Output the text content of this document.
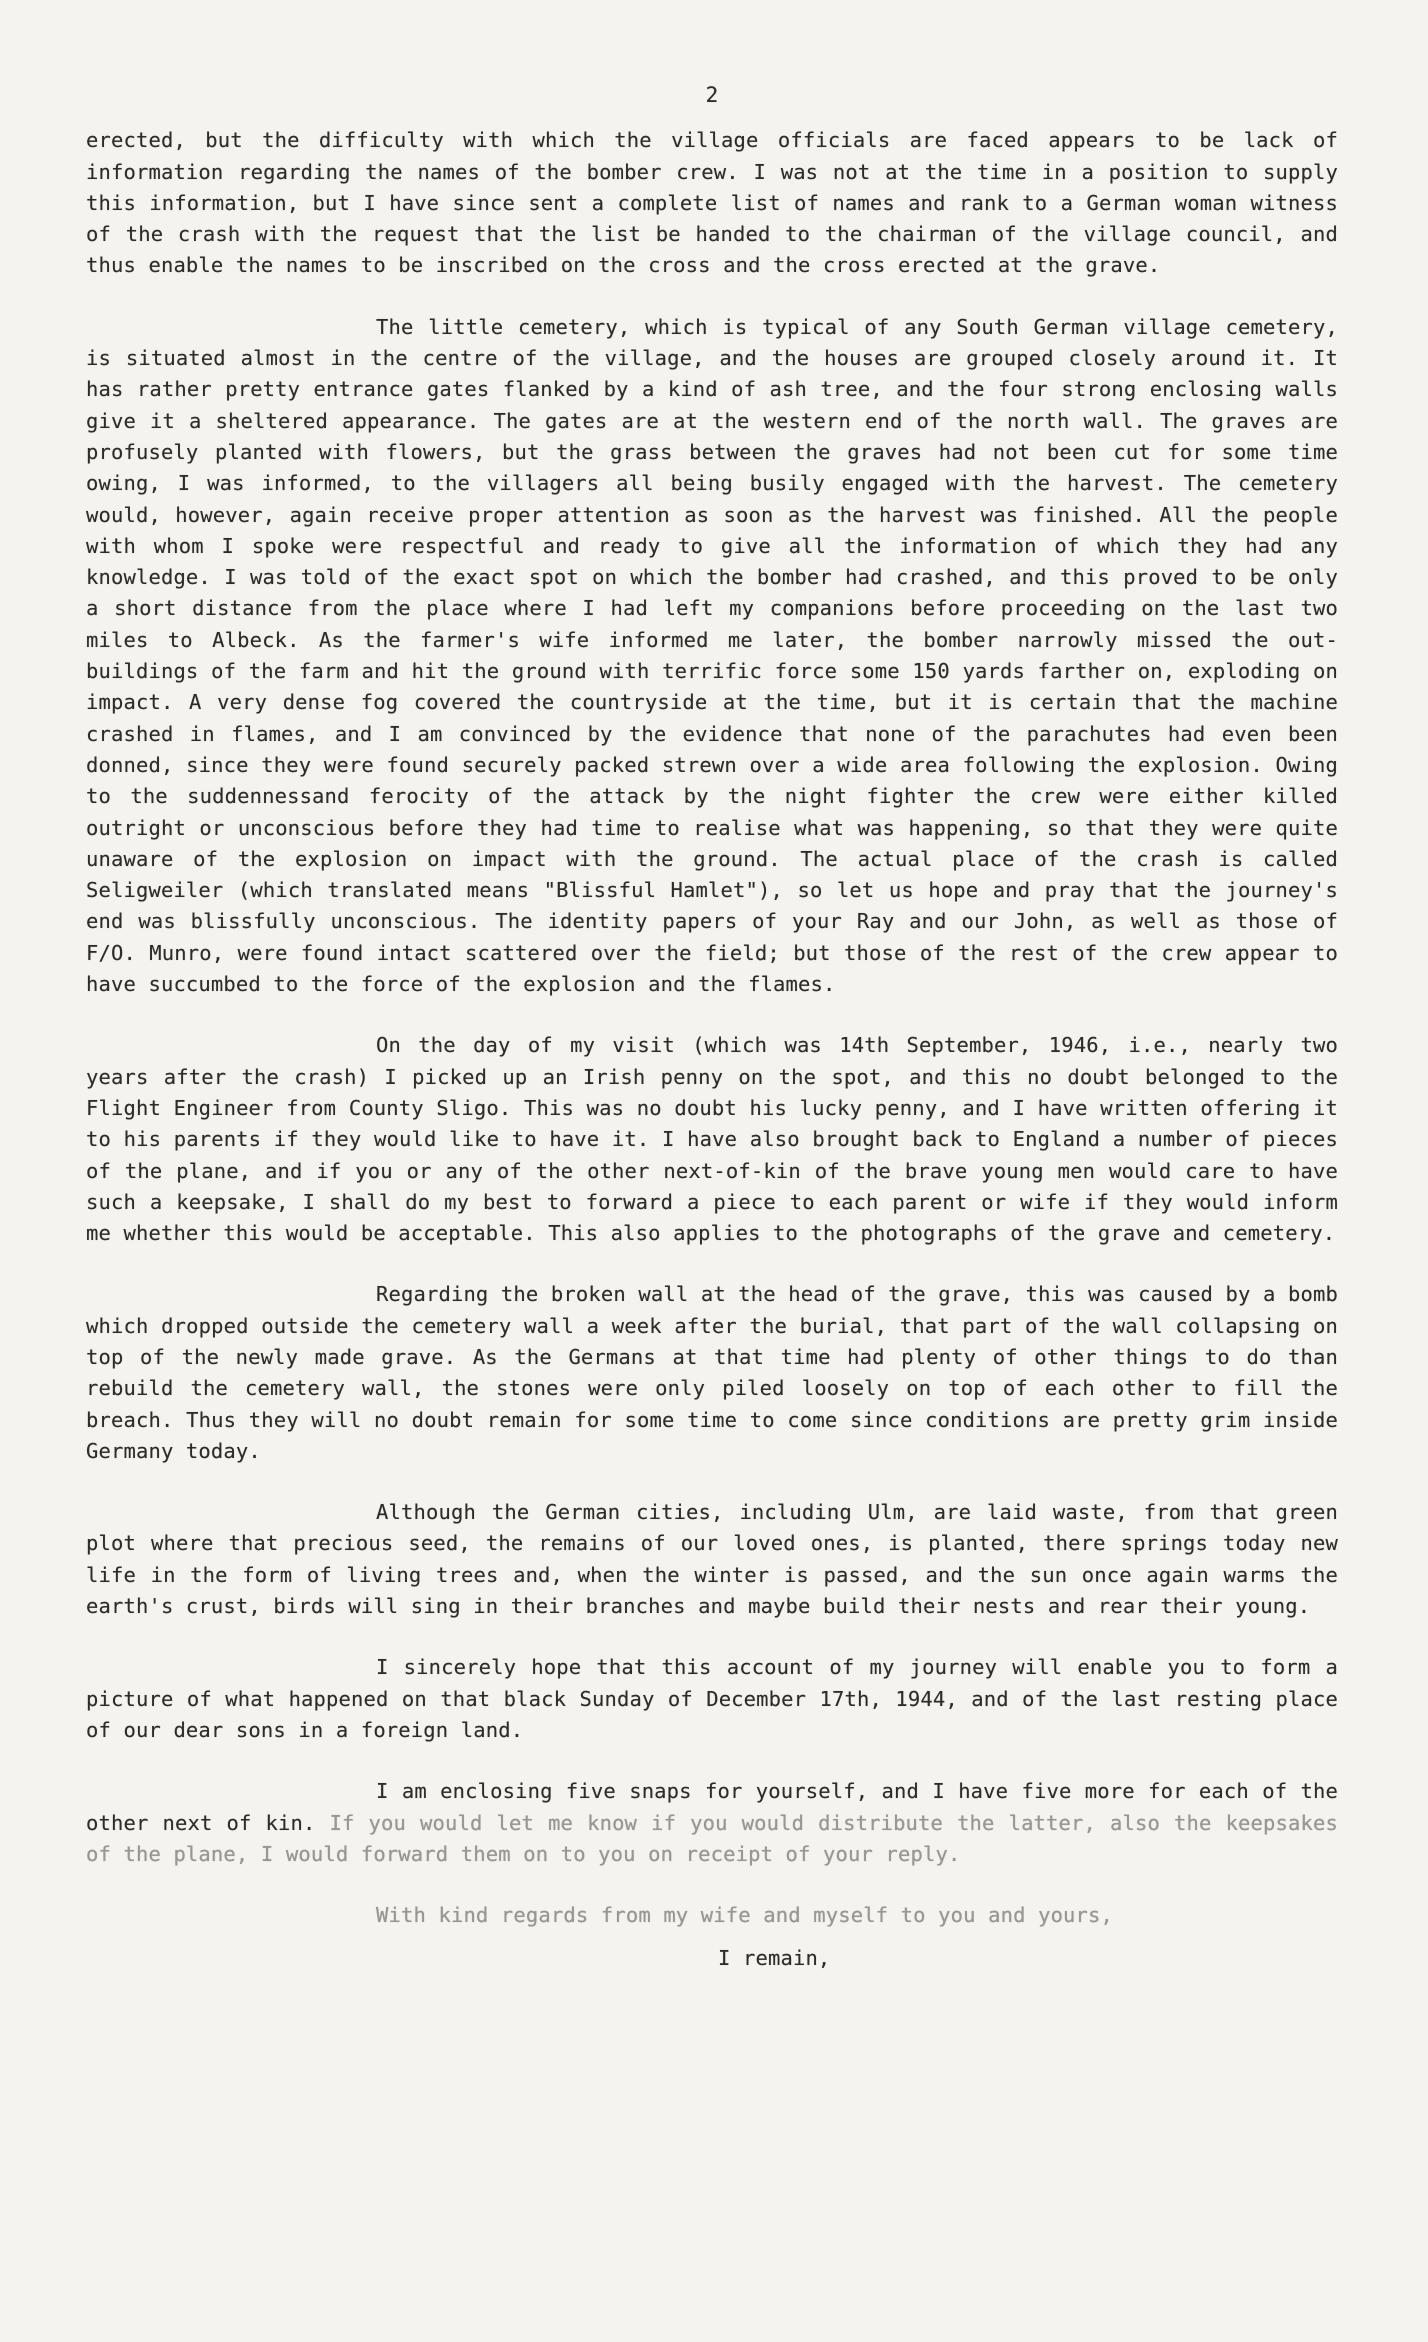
2

erected, but the difficulty with which the village officials are faced appears to be lack of information regarding the names of the bomber crew. I was not at the time in a position to supply this information, but I have since sent a complete list of names and rank to a German woman witness of the crash with the request that the list be handed to the chairman of the village council, and thus enable the names to be inscribed on the cross and the cross erected at the grave.

The little cemetery, which is typical of any South German village cemetery, is situated almost in the centre of the village, and the houses are grouped closely around it. It has rather pretty entrance gates flanked by a kind of ash tree, and the four strong enclosing walls give it a sheltered appearance. The gates are at the western end of the north wall. The graves are profusely planted with flowers, but the grass between the graves had not been cut for some time owing, I was informed, to the villagers all being busily engaged with the harvest. The cemetery would, however, again receive proper attention as soon as the harvest was finished. All the people with whom I spoke were respectful and ready to give all the information of which they had any knowledge. I was told of the exact spot on which the bomber had crashed, and this proved to be only a short distance from the place where I had left my companions before proceeding on the last two miles to Albeck. As the farmer's wife informed me later, the bomber narrowly missed the out-buildings of the farm and hit the ground with terrific force some 150 yards farther on, exploding on impact. A very dense fog covered the countryside at the time, but it is certain that the machine crashed in flames, and I am convinced by the evidence that none of the parachutes had even been donned, since they were found securely packed strewn over a wide area following the explosion. Owing to the suddennessand ferocity of the attack by the night fighter the crew were either killed outright or unconscious before they had time to realise what was happening, so that they were quite unaware of the explosion on impact with the ground. The actual place of the crash is called Seligweiler (which translated means "Blissful Hamlet"), so let us hope and pray that the journey's end was blissfully unconscious. The identity papers of your Ray and our John, as well as those of F/O. Munro, were found intact scattered over the field; but those of the rest of the crew appear to have succumbed to the force of the explosion and the flames.

On the day of my visit (which was 14th September, 1946, i.e., nearly two years after the crash) I picked up an Irish penny on the spot, and this no doubt belonged to the Flight Engineer from County Sligo. This was no doubt his lucky penny, and I have written offering it to his parents if they would like to have it. I have also brought back to England a number of pieces of the plane, and if you or any of the other next-of-kin of the brave young men would care to have such a keepsake, I shall do my best to forward a piece to each parent or wife if they would inform me whether this would be acceptable. This also applies to the photographs of the grave and cemetery.

Regarding the broken wall at the head of the grave, this was caused by a bomb which dropped outside the cemetery wall a week after the burial, that part of the wall collapsing on top of the newly made grave. As the Germans at that time had plenty of other things to do than rebuild the cemetery wall, the stones were only piled loosely on top of each other to fill the breach. Thus they will no doubt remain for some time to come since conditions are pretty grim inside Germany today.

Although the German cities, including Ulm, are laid waste, from that green plot where that precious seed, the remains of our loved ones, is planted, there springs today new life in the form of living trees and, when the winter is passed, and the sun once again warms the earth's crust, birds will sing in their branches and maybe build their nests and rear their young.

I sincerely hope that this account of my journey will enable you to form a picture of what happened on that black Sunday of December 17th, 1944, and of the last resting place of our dear sons in a foreign land.

I am enclosing five snaps for yourself, and I have five more for each of the other next of kin. If you would let me know if you would distribute the latter, also the keepsakes of the plane, I would forward them on to you on receipt of your reply.

With kind regards from my wife and myself to you and yours,

I remain,
